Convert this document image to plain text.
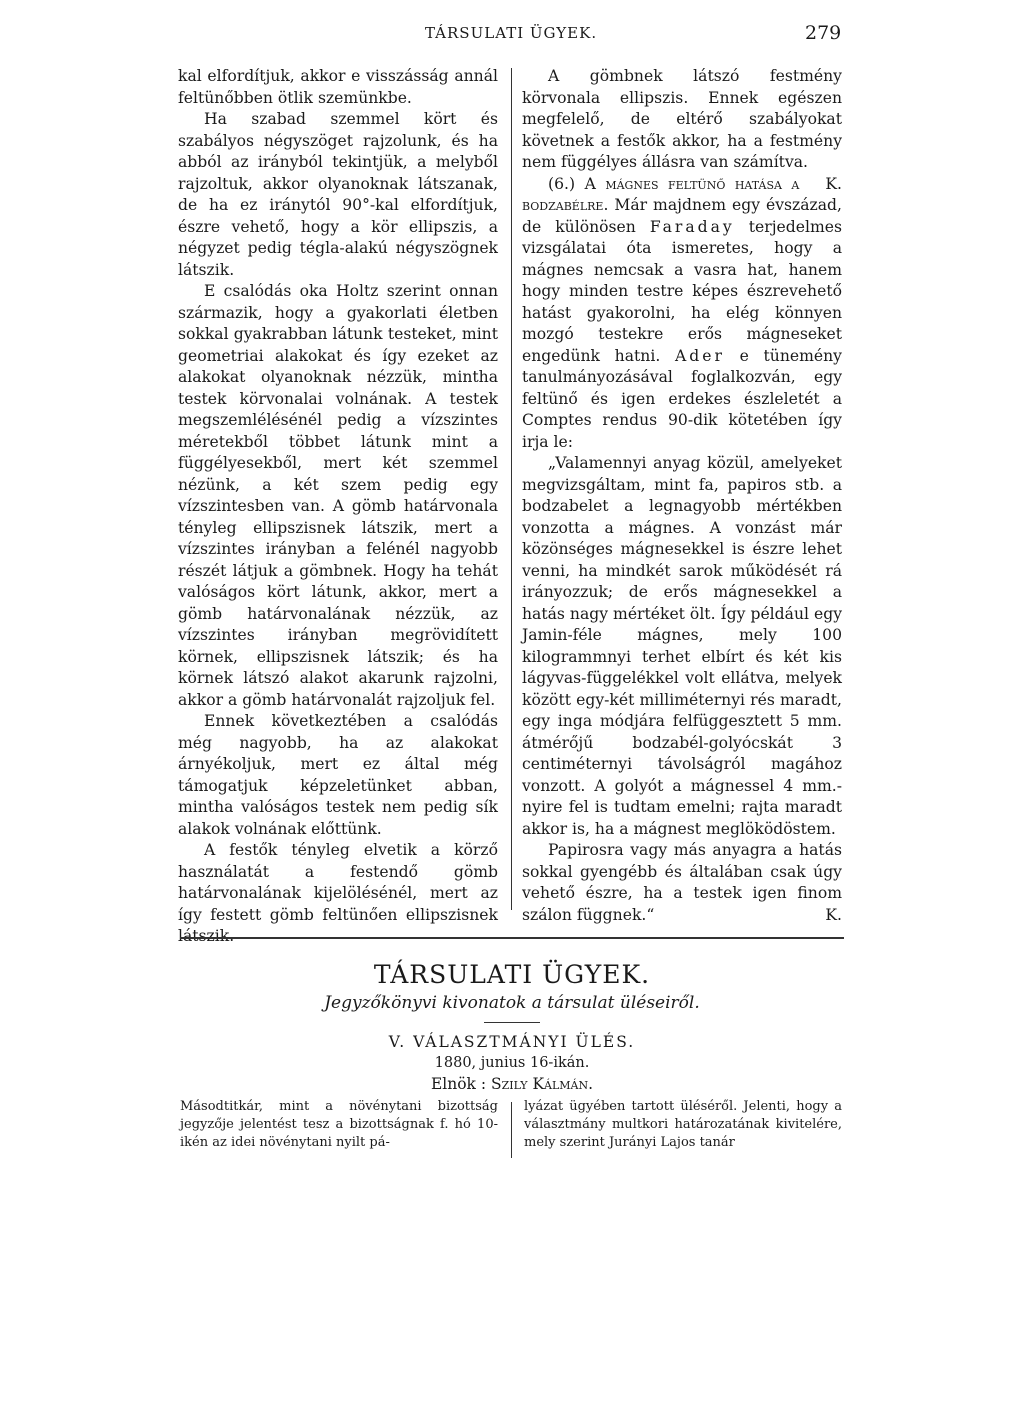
TÁRSULATI ÜGYEK.	279

kal elfordítjuk, akkor e visszásság annál feltünőbben ötlik szemünkbe.

Ha szabad szemmel kört és szabályos négyszöget rajzolunk, és ha abból az irányból tekintjük, a melyből rajzoltuk, akkor olyanoknak látszanak, de ha ez iránytól 90°-kal elfordítjuk, észre vehető, hogy a kör ellipszis, a négyzet pedig tégla-alakú négyszögnek látszik.

E csalódás oka Holtz szerint onnan származik, hogy a gyakorlati életben sokkal gyakrabban látunk testeket, mint geometriai alakokat és így ezeket az alakokat olyanoknak nézzük, mintha testek körvonalai volnának. A testek megszemlélésénél pedig a vízszintes méretekből többet látunk mint a függélyesekből, mert két szemmel nézünk, a két szem pedig egy vízszintesben van. A gömb határvonala tényleg ellipszisnek látszik, mert a vízszintes irányban a felénél nagyobb részét látjuk a gömbnek. Hogy ha tehát valóságos kört látunk, akkor, mert a gömb határvonalának nézzük, az vízszintes irányban megrövidített körnek, ellipszisnek látszik; és ha körnek látszó alakot akarunk rajzolni, akkor a gömb határvonalát rajzoljuk fel.

Ennek következtében a csalódás még nagyobb, ha az alakokat árnyékoljuk, mert ez által még támogatjuk képzeletünket abban, mintha valóságos testek nem pedig sík alakok volnának előttünk.

A festők tényleg elvetik a körző használatát a festendő gömb határvonalának kijelölésénél, mert az így festett gömb feltünően ellipszisnek látszik.

A gömbnek látszó festmény körvonala ellipszis. Ennek egészen megfelelő, de eltérő szabályokat követnek a festők akkor, ha a festmény nem függélyes állásra van számítva.
K.

(6.) A mágnes feltünő hatása a bodzabélre. Már majdnem egy évszázad, de különösen Faraday terjedelmes vizsgálatai óta ismeretes, hogy a mágnes nemcsak a vasra hat, hanem hogy minden testre képes észrevehető hatást gyakorolni, ha elég könnyen mozgó testekre erős mágneseket engedünk hatni. Ader e tünemény tanulmányozásával foglalkozván, egy feltünő és igen erdekes észleletét a Comptes rendus 90-dik kötetében így irja le:

„Valamennyi anyag közül, amelyeket megvizsgáltam, mint fa, papiros stb. a bodzabelet a legnagyobb mértékben vonzotta a mágnes. A vonzást már közönséges mágnesekkel is észre lehet venni, ha mindkét sarok működését rá irányozzuk; de erős mágnesekkel a hatás nagy mértéket ölt. Így például egy Jamin-féle mágnes, mely 100 kilogrammnyi terhet elbírt és két kis lágyvas-függelékkel volt ellátva, melyek között egy-két milliméternyi rés maradt, egy inga módjára felfüggesztett 5 mm. átmérőjű bodzabél-golyócskát 3 centiméternyi távolságról magához vonzott. A golyót a mágnessel 4 mm.-nyire fel is tudtam emelni; rajta maradt akkor is, ha a mágnest meglöködöstem.

Papirosra vagy más anyagra a hatás sokkal gyengébb és általában csak úgy vehető észre, ha a testek igen finom szálon függnek.“	K.

TÁRSULATI ÜGYEK.
Jegyzőkönyvi kivonatok a társulat üléseiről.
V. VÁLASZTMÁNYI ÜLÉS.
1880, junius 16-ikán.
Elnök : Szily Kálmán.
Másodtitkár, mint a növénytani bizottság jegyzője jelentést tesz a bizottságnak f. hó 10-ikén az idei növénytani nyilt pá-
lyázat ügyében tartott üléséről. Jelenti, hogy a választmány multkori határozatának kivitelére, mely szerint Jurányi Lajos tanár
